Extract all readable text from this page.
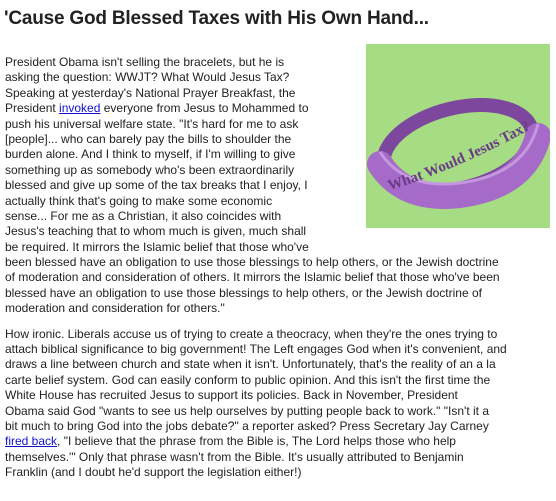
'Cause God Blessed Taxes with His Own Hand...
What Would Jesus Tax?
President Obama isn't selling the bracelets, but he is
asking the question: WWJT? What Would Jesus Tax?
Speaking at yesterday's National Prayer Breakfast, the
President invoked everyone from Jesus to Mohammed to
push his universal welfare state. "It's hard for me to ask
[people]... who can barely pay the bills to shoulder the
burden alone. And I think to myself, if I'm willing to give
something up as somebody who's been extraordinarily
blessed and give up some of the tax breaks that I enjoy, I
actually think that's going to make some economic
sense... For me as a Christian, it also coincides with
Jesus's teaching that to whom much is given, much shall
be required. It mirrors the Islamic belief that those who've
been blessed have an obligation to use those blessings to help others, or the Jewish doctrine
of moderation and consideration of others. It mirrors the Islamic belief that those who've been
blessed have an obligation to use those blessings to help others, or the Jewish doctrine of
moderation and consideration for others."
How ironic. Liberals accuse us of trying to create a theocracy, when they're the ones trying to
attach biblical significance to big government! The Left engages God when it's convenient, and
draws a line between church and state when it isn't. Unfortunately, that's the reality of an a la
carte belief system. God can easily conform to public opinion. And this isn't the first time the
White House has recruited Jesus to support its policies. Back in November, President
Obama said God "wants to see us help ourselves by putting people back to work." "Isn't it a
bit much to bring God into the jobs debate?" a reporter asked? Press Secretary Jay Carney
fired back, "I believe that the phrase from the Bible is, The Lord helps those who help
themselves.'" Only that phrase wasn't from the Bible. It's usually attributed to Benjamin
Franklin (and I doubt he'd support the legislation either!)
